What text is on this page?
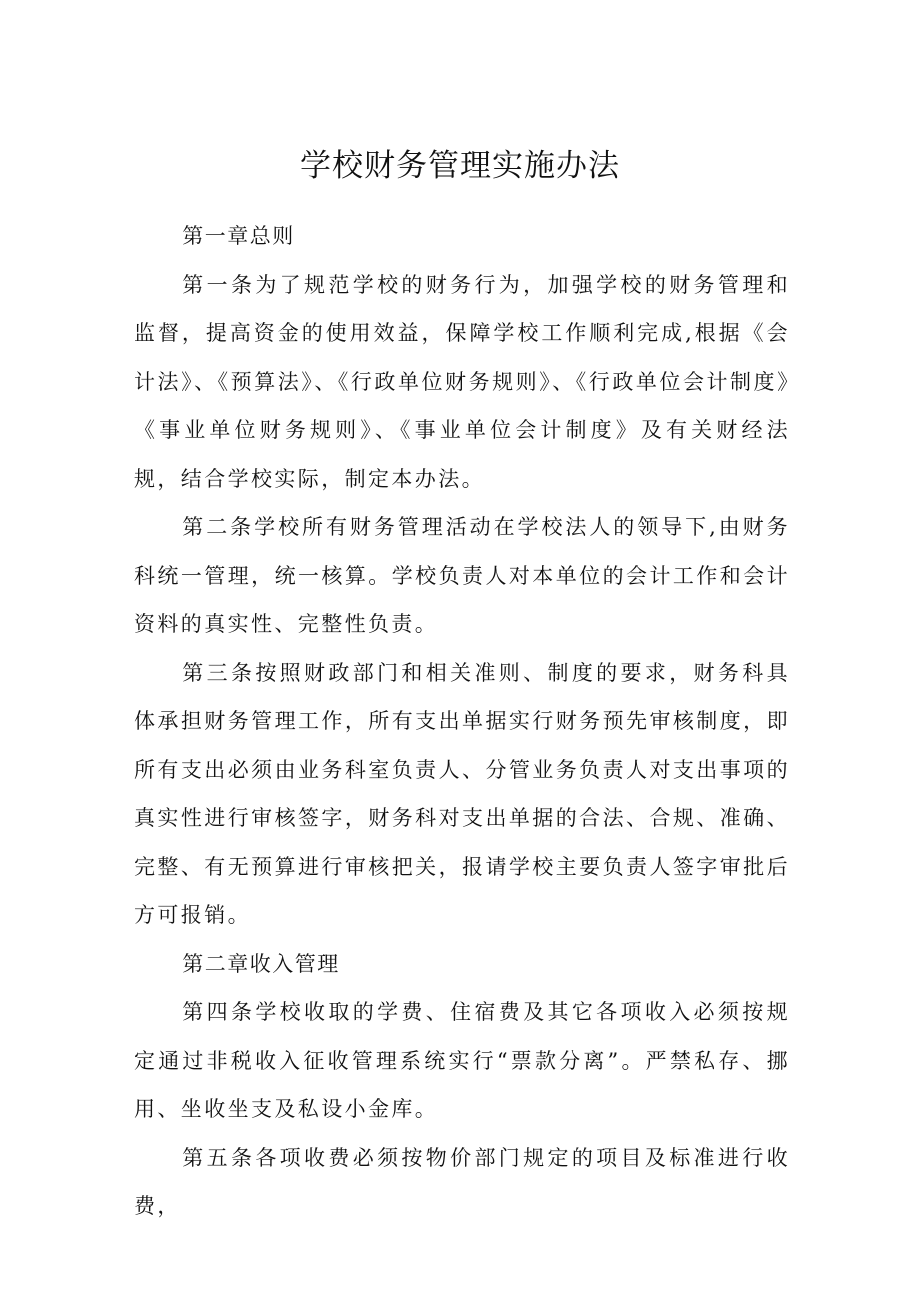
学校财务管理实施办法

第一章总则

第一条为了规范学校的财务行为，加强学校的财务管理和监督，提高资金的使用效益，保障学校工作顺利完成,根据《会计法》、《预算法》、《行政单位财务规则》、《行政单位会计制度》《事业单位财务规则》、《事业单位会计制度》及有关财经法规，结合学校实际，制定本办法。

第二条学校所有财务管理活动在学校法人的领导下,由财务科统一管理，统一核算。学校负责人对本单位的会计工作和会计资料的真实性、完整性负责。

第三条按照财政部门和相关准则、制度的要求，财务科具体承担财务管理工作，所有支出单据实行财务预先审核制度，即所有支出必须由业务科室负责人、分管业务负责人对支出事项的真实性进行审核签字，财务科对支出单据的合法、合规、准确、完整、有无预算进行审核把关，报请学校主要负责人签字审批后方可报销。

第二章收入管理

第四条学校收取的学费、住宿费及其它各项收入必须按规定通过非税收入征收管理系统实行“票款分离”。严禁私存、挪用、坐收坐支及私设小金库。

第五条各项收费必须按物价部门规定的项目及标准进行收费，
